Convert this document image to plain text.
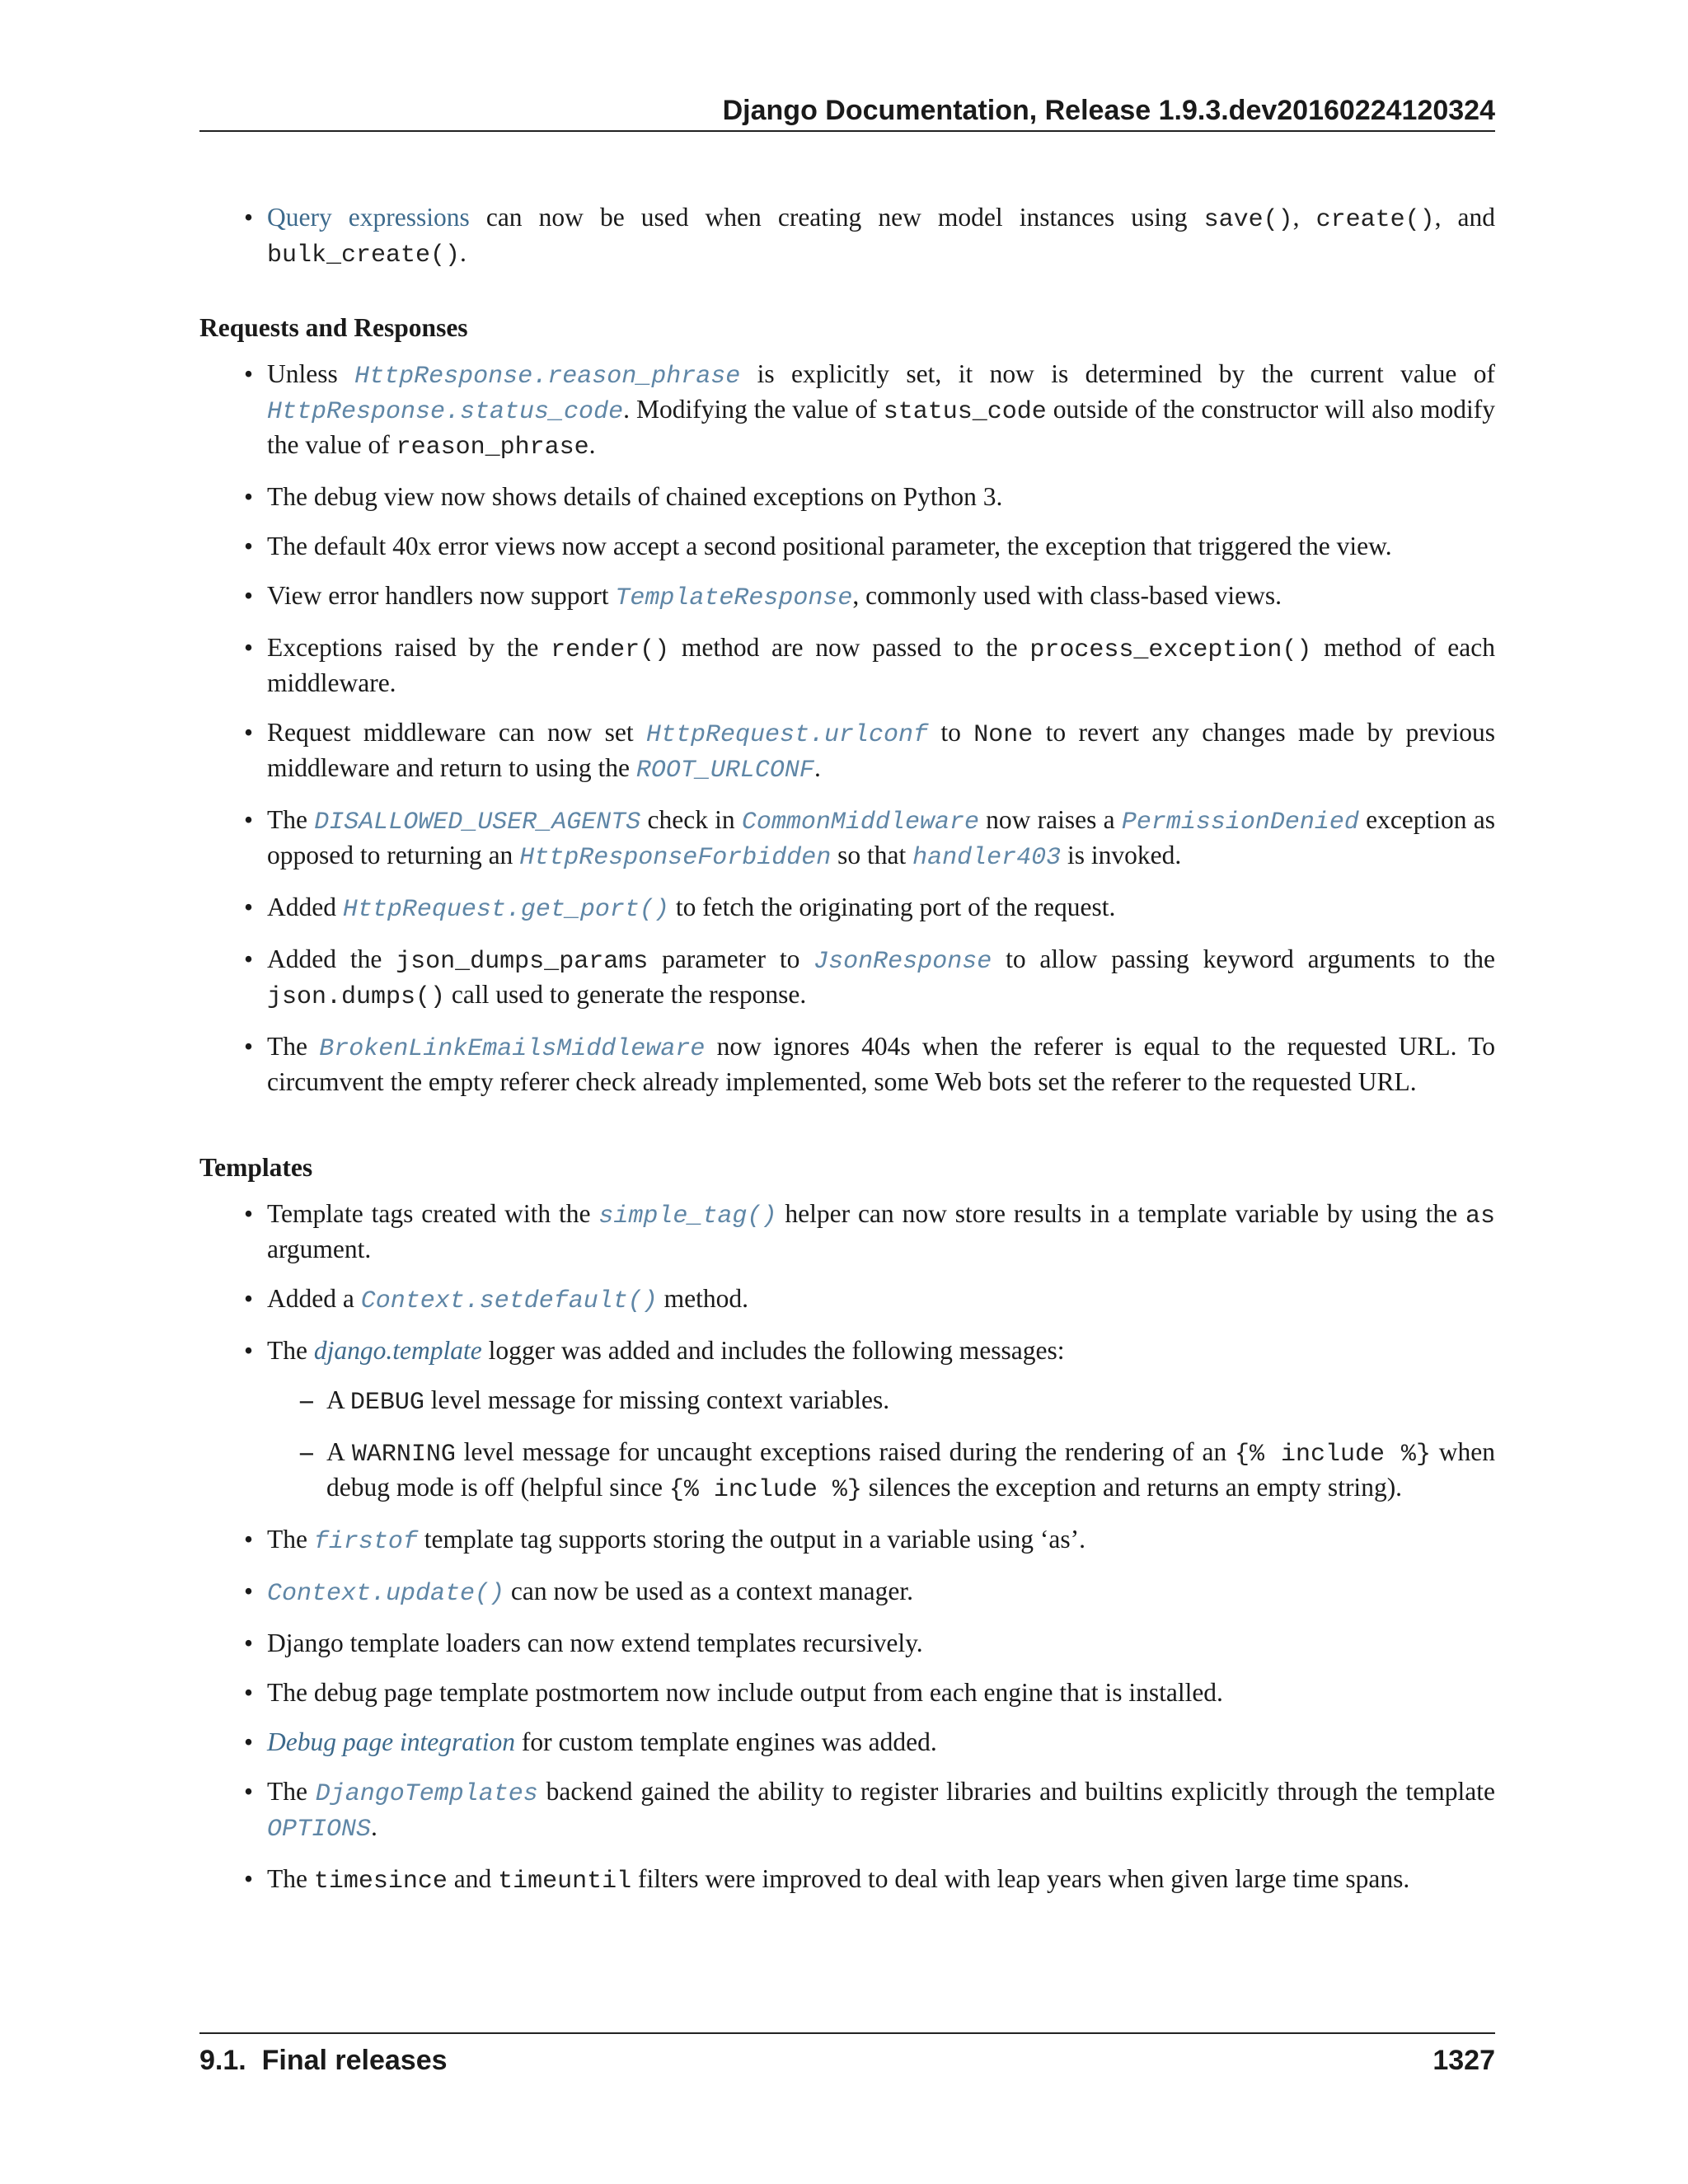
Django Documentation, Release 1.9.3.dev20160224120324
• Query expressions can now be used when creating new model instances using save(), create(), and bulk_create().
Requests and Responses
• Unless HttpResponse.reason_phrase is explicitly set, it now is determined by the current value of HttpResponse.status_code. Modifying the value of status_code outside of the constructor will also modify the value of reason_phrase.
• The debug view now shows details of chained exceptions on Python 3.
• The default 40x error views now accept a second positional parameter, the exception that triggered the view.
• View error handlers now support TemplateResponse, commonly used with class-based views.
• Exceptions raised by the render() method are now passed to the process_exception() method of each middleware.
• Request middleware can now set HttpRequest.urlconf to None to revert any changes made by previous middleware and return to using the ROOT_URLCONF.
• The DISALLOWED_USER_AGENTS check in CommonMiddleware now raises a PermissionDenied exception as opposed to returning an HttpResponseForbidden so that handler403 is invoked.
• Added HttpRequest.get_port() to fetch the originating port of the request.
• Added the json_dumps_params parameter to JsonResponse to allow passing keyword arguments to the json.dumps() call used to generate the response.
• The BrokenLinkEmailsMiddleware now ignores 404s when the referer is equal to the requested URL. To circumvent the empty referer check already implemented, some Web bots set the referer to the requested URL.
Templates
• Template tags created with the simple_tag() helper can now store results in a template variable by using the as argument.
• Added a Context.setdefault() method.
• The django.template logger was added and includes the following messages:
– A DEBUG level message for missing context variables.
– A WARNING level message for uncaught exceptions raised during the rendering of an {% include %} when debug mode is off (helpful since {% include %} silences the exception and returns an empty string).
• The firstof template tag supports storing the output in a variable using ‘as’.
• Context.update() can now be used as a context manager.
• Django template loaders can now extend templates recursively.
• The debug page template postmortem now include output from each engine that is installed.
• Debug page integration for custom template engines was added.
• The DjangoTemplates backend gained the ability to register libraries and builtins explicitly through the template OPTIONS.
• The timesince and timeuntil filters were improved to deal with leap years when given large time spans.
9.1.  Final releases	1327
